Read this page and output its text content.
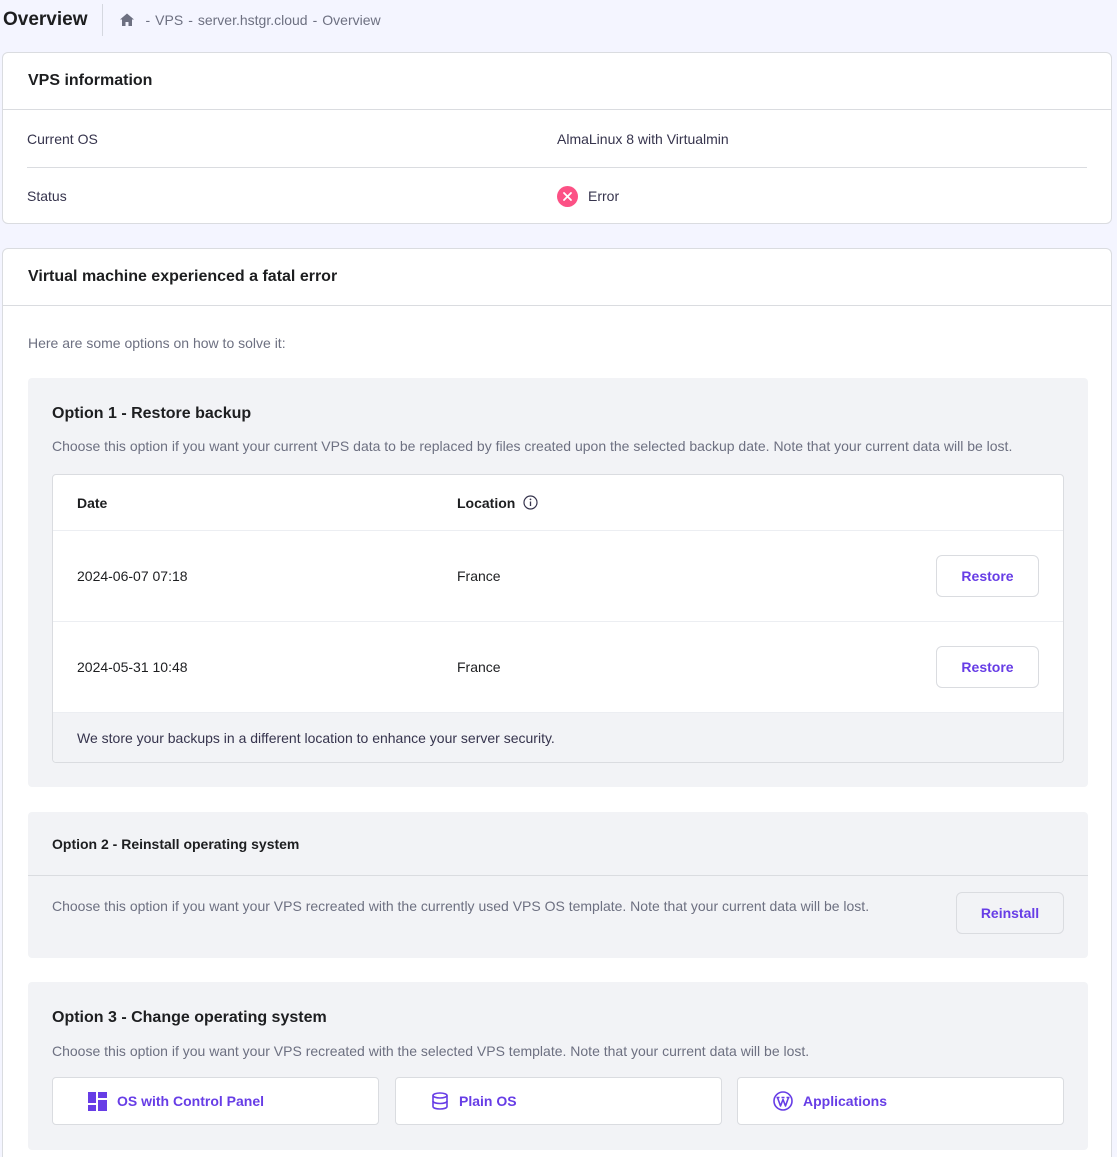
Overview	- VPS - server.hstgr.cloud - Overview
VPS information
Current OS	AlmaLinux 8 with Virtualmin
Status	Error
Virtual machine experienced a fatal error

Here are some options on how to solve it:

Option 1 - Restore backup
Choose this option if you want your current VPS data to be replaced by files created upon the selected backup date. Note that your current data will be lost.
Date	Location
2024-06-07 07:18	France	Restore
2024-05-31 10:48	France	Restore
We store your backups in a different location to enhance your server security.
Option 2 - Reinstall operating system
Choose this option if you want your VPS recreated with the currently used VPS OS template. Note that your current data will be lost.	Reinstall
Option 3 - Change operating system
Choose this option if you want your VPS recreated with the selected VPS template. Note that your current data will be lost.
OS with Control Panel	Plain OS	Applications
